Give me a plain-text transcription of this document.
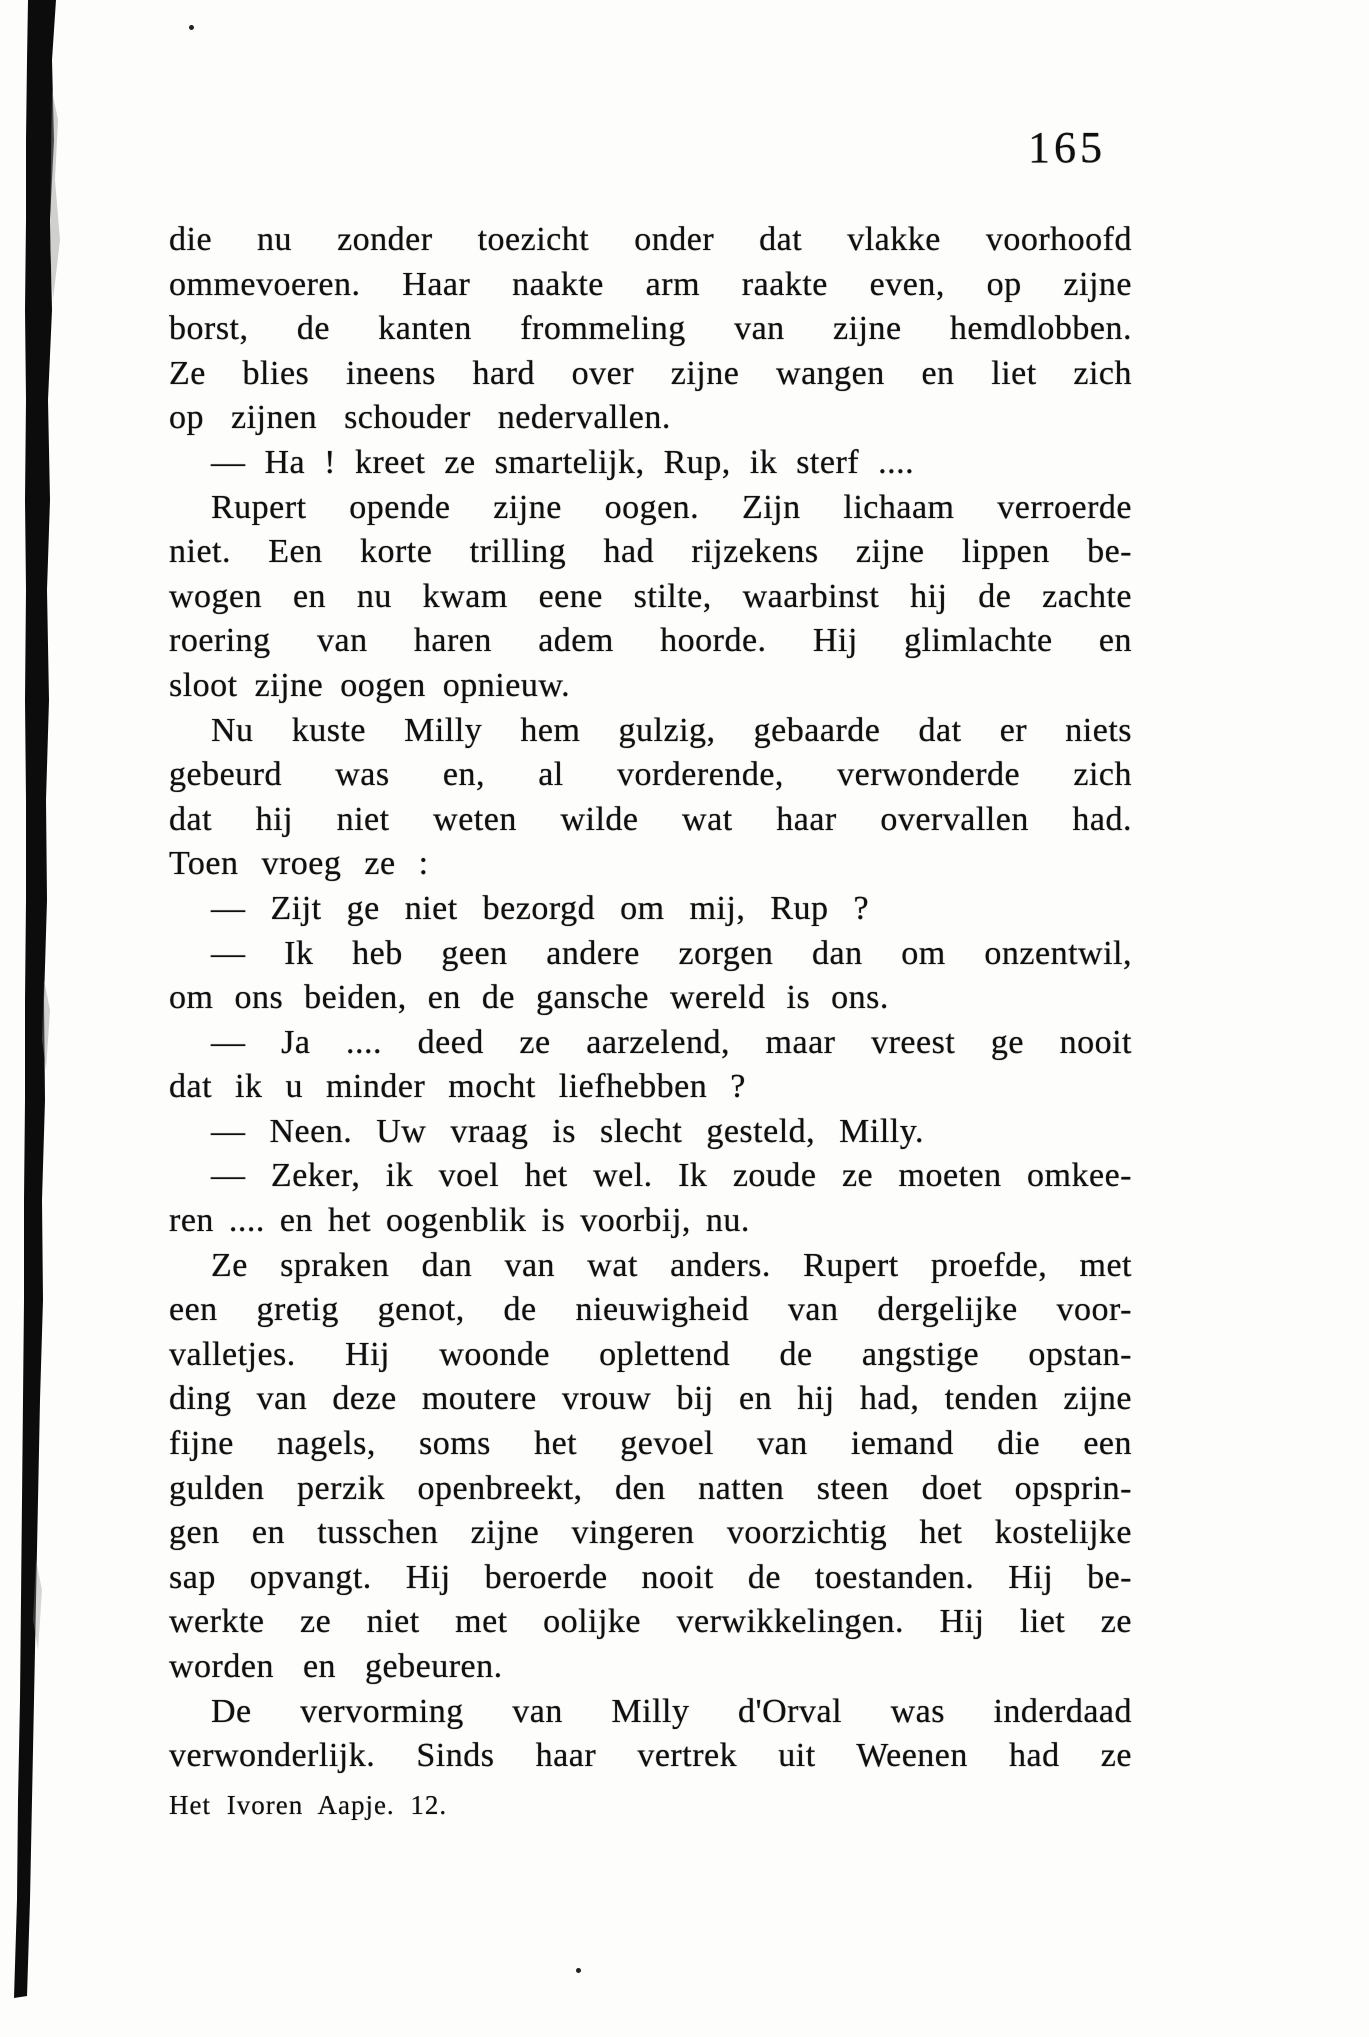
165
die nu zonder toezicht onder dat vlakke voorhoofd
ommevoeren. Haar naakte arm raakte even, op zijne
borst, de kanten frommeling van zijne hemdlobben.
Ze blies ineens hard over zijne wangen en liet zich
op zijnen schouder nedervallen.
— Ha ! kreet ze smartelijk, Rup, ik sterf ....
Rupert opende zijne oogen. Zijn lichaam verroerde
niet. Een korte trilling had rijzekens zijne lippen be-
wogen en nu kwam eene stilte, waarbinst hij de zachte
roering van haren adem hoorde. Hij glimlachte en
sloot zijne oogen opnieuw.
Nu kuste Milly hem gulzig, gebaarde dat er niets
gebeurd was en, al vorderende, verwonderde zich
dat hij niet weten wilde wat haar overvallen had.
Toen vroeg ze :
— Zijt ge niet bezorgd om mij, Rup ?
— Ik heb geen andere zorgen dan om onzentwil,
om ons beiden, en de gansche wereld is ons.
— Ja .... deed ze aarzelend, maar vreest ge nooit
dat ik u minder mocht liefhebben ?
— Neen. Uw vraag is slecht gesteld, Milly.
— Zeker, ik voel het wel. Ik zoude ze moeten omkee-
ren .... en het oogenblik is voorbij, nu.
Ze spraken dan van wat anders. Rupert proefde, met
een gretig genot, de nieuwigheid van dergelijke voor-
valletjes. Hij woonde oplettend de angstige opstan-
ding van deze moutere vrouw bij en hij had, tenden zijne
fijne nagels, soms het gevoel van iemand die een
gulden perzik openbreekt, den natten steen doet opsprin-
gen en tusschen zijne vingeren voorzichtig het kostelijke
sap opvangt. Hij beroerde nooit de toestanden. Hij be-
werkte ze niet met oolijke verwikkelingen. Hij liet ze
worden en gebeuren.
De vervorming van Milly d'Orval was inderdaad
verwonderlijk. Sinds haar vertrek uit Weenen had ze
Het Ivoren Aapje. 12.
